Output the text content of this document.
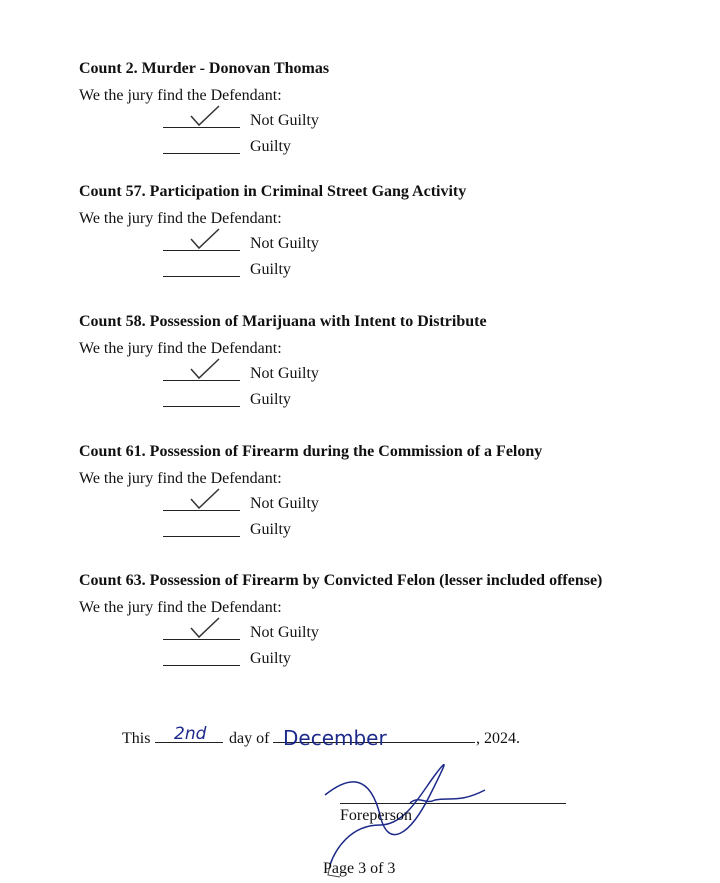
Count 2. Murder - Donovan Thomas
We the jury find the Defendant:
Not Guilty
Guilty
Count 57. Participation in Criminal Street Gang Activity
We the jury find the Defendant:
Not Guilty
Guilty
Count 58. Possession of Marijuana with Intent to Distribute
We the jury find the Defendant:
Not Guilty
Guilty
Count 61. Possession of Firearm during the Commission of a Felony
We the jury find the Defendant:
Not Guilty
Guilty
Count 63. Possession of Firearm by Convicted Felon (lesser included offense)
We the jury find the Defendant:
Not Guilty
Guilty
This 2nd day of December	, 2024.
Foreperson
Page 3 of 3
